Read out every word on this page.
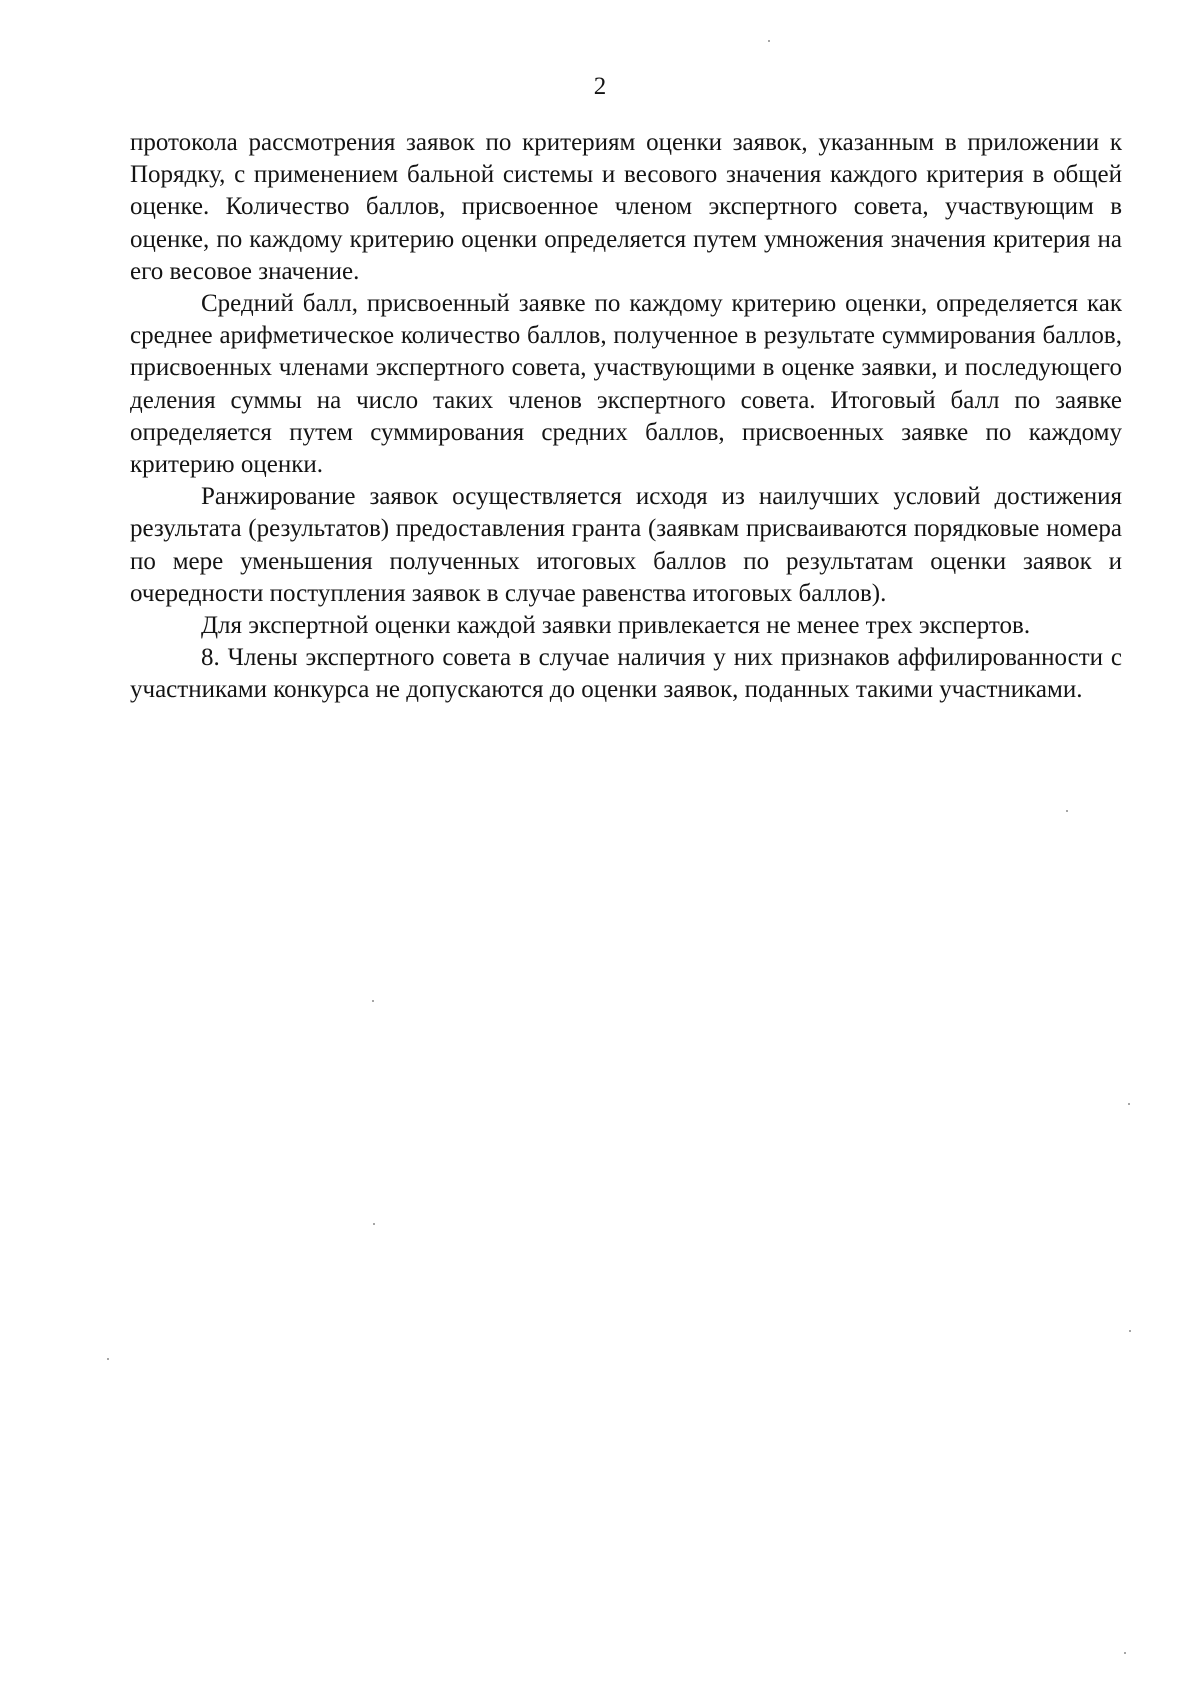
2

протокола рассмотрения заявок по критериям оценки заявок, указанным в приложении к Порядку, с применением бальной системы и весового значения каждого критерия в общей оценке. Количество баллов, присвоенное членом экспертного совета, участвующим в оценке, по каждому критерию оценки определяется путем умножения значения критерия на его весовое значение.

Средний балл, присвоенный заявке по каждому критерию оценки, определяется как среднее арифметическое количество баллов, полученное в результате суммирования баллов, присвоенных членами экспертного совета, участвующими в оценке заявки, и последующего деления суммы на число таких членов экспертного совета. Итоговый балл по заявке определяется путем суммирования средних баллов, присвоенных заявке по каждому критерию оценки.

Ранжирование заявок осуществляется исходя из наилучших условий достижения результата (результатов) предоставления гранта (заявкам присваиваются порядковые номера по мере уменьшения полученных итоговых баллов по результатам оценки заявок и очередности поступления заявок в случае равенства итоговых баллов).

Для экспертной оценки каждой заявки привлекается не менее трех экспертов.

8. Члены экспертного совета в случае наличия у них признаков аффилированности с участниками конкурса не допускаются до оценки заявок, поданных такими участниками.
